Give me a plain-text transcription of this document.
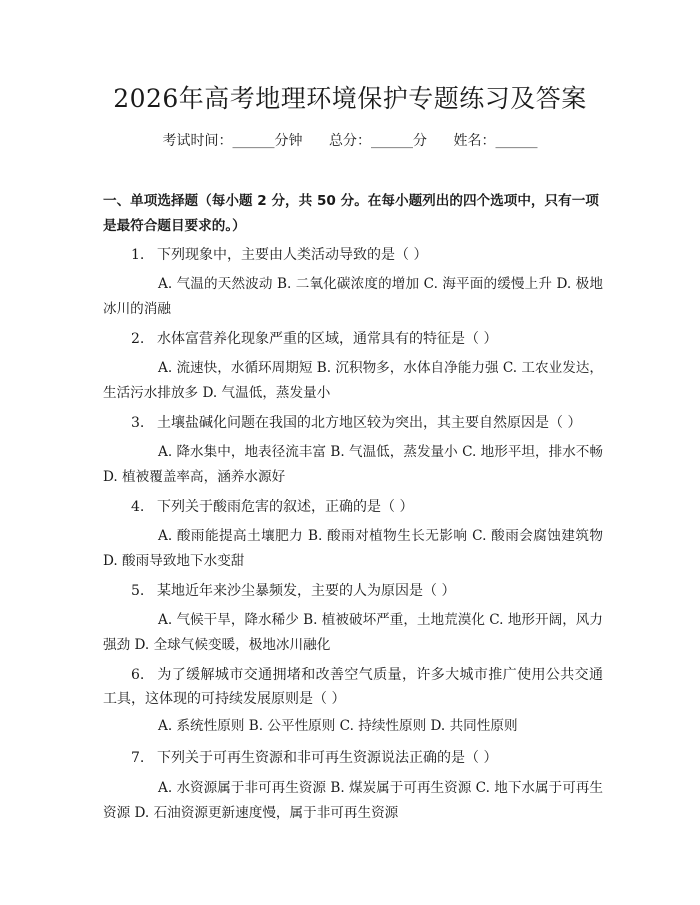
2026年高考地理环境保护专题练习及答案
考试时间：______分钟 总分：______分 姓名：______
一、单项选择题（每小题 2 分，共 50 分。在每小题列出的四个选项中，只有一项是最符合题目要求的。）
1. 下列现象中，主要由人类活动导致的是（ ）
A. 气温的天然波动 B. 二氧化碳浓度的增加 C. 海平面的缓慢上升 D. 极地冰川的消融
2. 水体富营养化现象严重的区域，通常具有的特征是（ ）
A. 流速快，水循环周期短 B. 沉积物多，水体自净能力强 C. 工农业发达，生活污水排放多 D. 气温低，蒸发量小
3. 土壤盐碱化问题在我国的北方地区较为突出，其主要自然原因是（ ）
A. 降水集中，地表径流丰富 B. 气温低，蒸发量小 C. 地形平坦，排水不畅 D. 植被覆盖率高，涵养水源好
4. 下列关于酸雨危害的叙述，正确的是（ ）
A. 酸雨能提高土壤肥力 B. 酸雨对植物生长无影响 C. 酸雨会腐蚀建筑物 D. 酸雨导致地下水变甜
5. 某地近年来沙尘暴频发，主要的人为原因是（ ）
A. 气候干旱，降水稀少 B. 植被破坏严重，土地荒漠化 C. 地形开阔，风力强劲 D. 全球气候变暖，极地冰川融化
6. 为了缓解城市交通拥堵和改善空气质量，许多大城市推广使用公共交通工具，这体现的可持续发展原则是（ ）
A. 系统性原则 B. 公平性原则 C. 持续性原则 D. 共同性原则
7. 下列关于可再生资源和非可再生资源说法正确的是（ ）
A. 水资源属于非可再生资源 B. 煤炭属于可再生资源 C. 地下水属于可再生资源 D. 石油资源更新速度慢，属于非可再生资源
